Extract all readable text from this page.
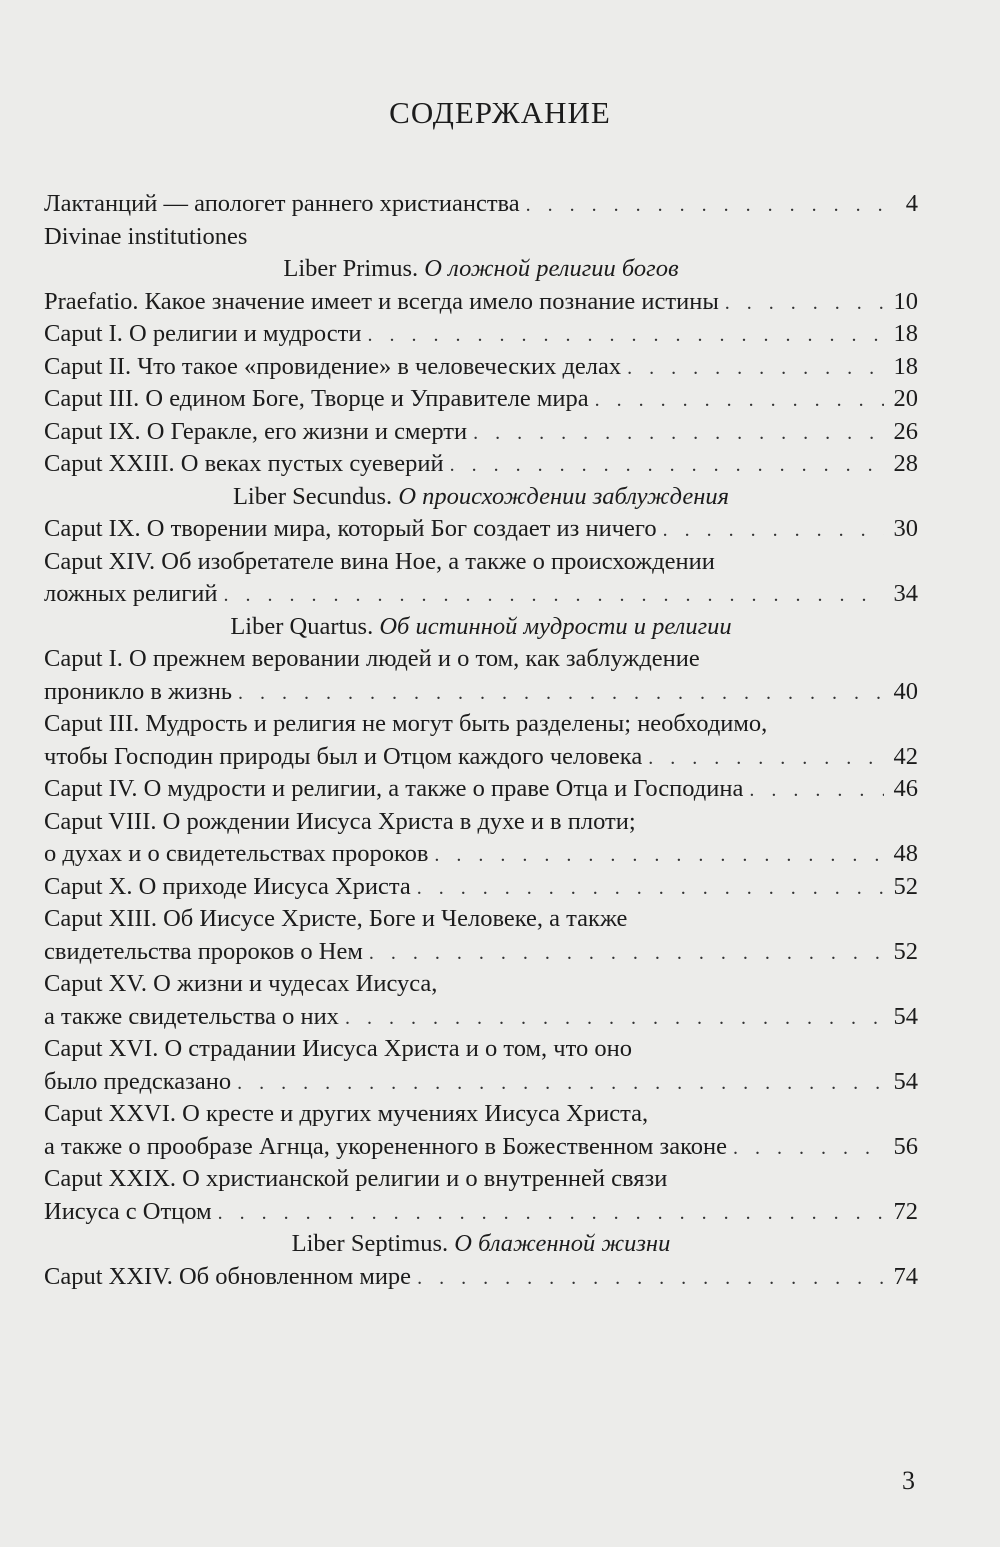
СОДЕРЖАНИЕ
Лактанций — апологет раннего христианства . . .	4
Divinae institutiones
Liber Primus. О ложной религии богов
Praefatio. Какое значение имеет и всегда имело познание истины . . .	10
Caput I. О религии и мудрости . . .	18
Caput II. Что такое «провидение» в человеческих делах . . .	18
Caput III. О едином Боге, Творце и Управителе мира . . .	20
Caput IX. О Геракле, его жизни и смерти . . .	26
Caput XXIII. О веках пустых суеверий . . .	28
Liber Secundus. О происхождении заблуждения
Caput IX. О творении мира, который Бог создает из ничего . . .	30
Caput XIV. Об изобретателе вина Ное, а также о происхождении
ложных религий . . .	34
Liber Quartus. Об истинной мудрости и религии
Caput I. О прежнем веровании людей и о том, как заблуждение
проникло в жизнь . . .	40
Caput III. Мудрость и религия не могут быть разделены; необходимо,
чтобы Господин природы был и Отцом каждого человека . . .	42
Caput IV. О мудрости и религии, а также о праве Отца и Господина . . .	46
Caput VIII. О рождении Иисуса Христа в духе и в плоти;
о духах и о свидетельствах пророков . . .	48
Caput X. О приходе Иисуса Христа . . .	52
Caput XIII. Об Иисусе Христе, Боге и Человеке, а также
свидетельства пророков о Нем . . .	52
Caput XV. О жизни и чудесах Иисуса,
а также свидетельства о них . . .	54
Caput XVI. О страдании Иисуса Христа и о том, что оно
было предсказано . . .	54
Caput XXVI. О кресте и других мучениях Иисуса Христа,
а также о прообразе Агнца, укорененного в Божественном законе . . .	56
Caput XXIX. О христианской религии и о внутренней связи
Иисуса с Отцом . . .	72
Liber Septimus. О блаженной жизни
Caput XXIV. Об обновленном мире . . .	74
3
